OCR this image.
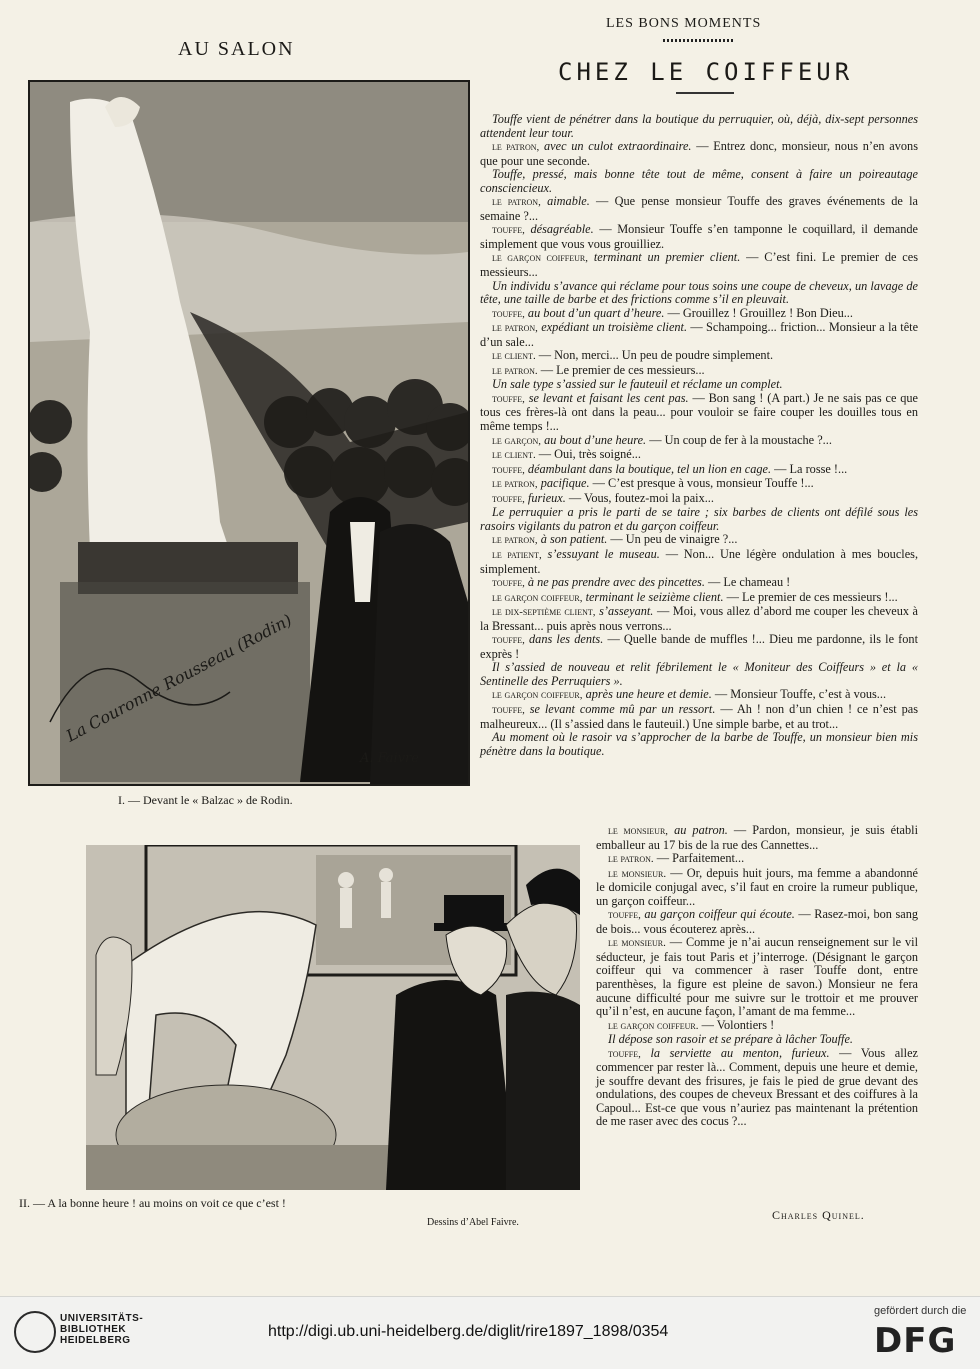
AU SALON
LES BONS MOMENTS
CHEZ LE COIFFEUR
La Couronne Rousseau (Rodin)
A. Faivre
I. — Devant le « Balzac » de Rodin.
II. — A la bonne heure ! au moins on voit ce que c’est !
Dessins d’Abel Faivre.

Touffe vient de pénétrer dans la boutique du perruquier, où, déjà, dix-sept personnes attendent leur tour.

le patron, avec un culot extraordinaire. — Entrez donc, monsieur, nous n’en avons que pour une seconde.

Touffe, pressé, mais bonne tête tout de même, consent à faire un poireautage consciencieux.

le patron, aimable. — Que pense monsieur Touffe des graves événements de la semaine ?...

touffe, désagréable. — Monsieur Touffe s’en tamponne le coquillard, il demande simplement que vous vous grouilliez.

le garçon coiffeur, terminant un premier client. — C’est fini. Le premier de ces messieurs...

Un individu s’avance qui réclame pour tous soins une coupe de cheveux, un lavage de tête, une taille de barbe et des frictions comme s’il en pleuvait.

touffe, au bout d’un quart d’heure. — Grouillez ! Grouillez ! Bon Dieu...

le patron, expédiant un troisième client. — Schampoing... friction... Monsieur a la tête d’un sale...

le client. — Non, merci... Un peu de poudre simplement.

le patron. — Le premier de ces messieurs...

Un sale type s’assied sur le fauteuil et réclame un complet.

touffe, se levant et faisant les cent pas. — Bon sang ! (A part.) Je ne sais pas ce que tous ces frères-là ont dans la peau... pour vouloir se faire couper les douilles tous en même temps !...

le garçon, au bout d’une heure. — Un coup de fer à la moustache ?...

le client. — Oui, très soigné...

touffe, déambulant dans la boutique, tel un lion en cage. — La rosse !...

le patron, pacifique. — C’est presque à vous, monsieur Touffe !...

touffe, furieux. — Vous, foutez-moi la paix...

Le perruquier a pris le parti de se taire ; six barbes de clients ont défilé sous les rasoirs vigilants du patron et du garçon coiffeur.

le patron, à son patient. — Un peu de vinaigre ?...

le patient, s’essuyant le museau. — Non... Une légère ondulation à mes boucles, simplement.

touffe, à ne pas prendre avec des pincettes. — Le chameau !

le garçon coiffeur, terminant le seizième client. — Le premier de ces messieurs !...

le dix-septième client, s’asseyant. — Moi, vous allez d’abord me couper les cheveux à la Bressant... puis après nous verrons...

touffe, dans les dents. — Quelle bande de muffles !... Dieu me pardonne, ils le font exprès !

Il s’assied de nouveau et relit fébrilement le « Moniteur des Coiffeurs » et la « Sentinelle des Perruquiers ».

le garçon coiffeur, après une heure et demie. — Monsieur Touffe, c’est à vous...

touffe, se levant comme mû par un ressort. — Ah ! non d’un chien ! ce n’est pas malheureux... (Il s’assied dans le fauteuil.) Une simple barbe, et au trot...

Au moment où le rasoir va s’approcher de la barbe de Touffe, un monsieur bien mis pénètre dans la boutique.

le monsieur, au patron. — Pardon, monsieur, je suis établi emballeur au 17 bis de la rue des Cannettes...

le patron. — Parfaitement...

le monsieur. — Or, depuis huit jours, ma femme a abandonné le domicile conjugal avec, s’il faut en croire la rumeur publique, un garçon coiffeur...

touffe, au garçon coiffeur qui écoute. — Rasez-moi, bon sang de bois... vous écouterez après...

le monsieur. — Comme je n’ai aucun renseignement sur le vil séducteur, je fais tout Paris et j’interroge. (Désignant le garçon coiffeur qui va commencer à raser Touffe dont, entre parenthèses, la figure est pleine de savon.) Monsieur ne fera aucune difficulté pour me suivre sur le trottoir et me prouver qu’il n’est, en aucune façon, l’amant de ma femme...

le garçon coiffeur. — Volontiers !

Il dépose son rasoir et se prépare à lâcher Touffe.

touffe, la serviette au menton, furieux. — Vous allez commencer par rester là... Comment, depuis une heure et demie, je souffre devant des frisures, je fais le pied de grue devant des ondulations, des coupes de cheveux Bressant et des coiffures à la Capoul... Est-ce que vous n’auriez pas maintenant la prétention de me raser avec des cocus ?...

Charles Quinel.
UNIVERSITÄTS-
BIBLIOTHEK
HEIDELBERG
http://digi.ub.uni-heidelberg.de/diglit/rire1897_1898/0354
gefördert durch die
DFG
